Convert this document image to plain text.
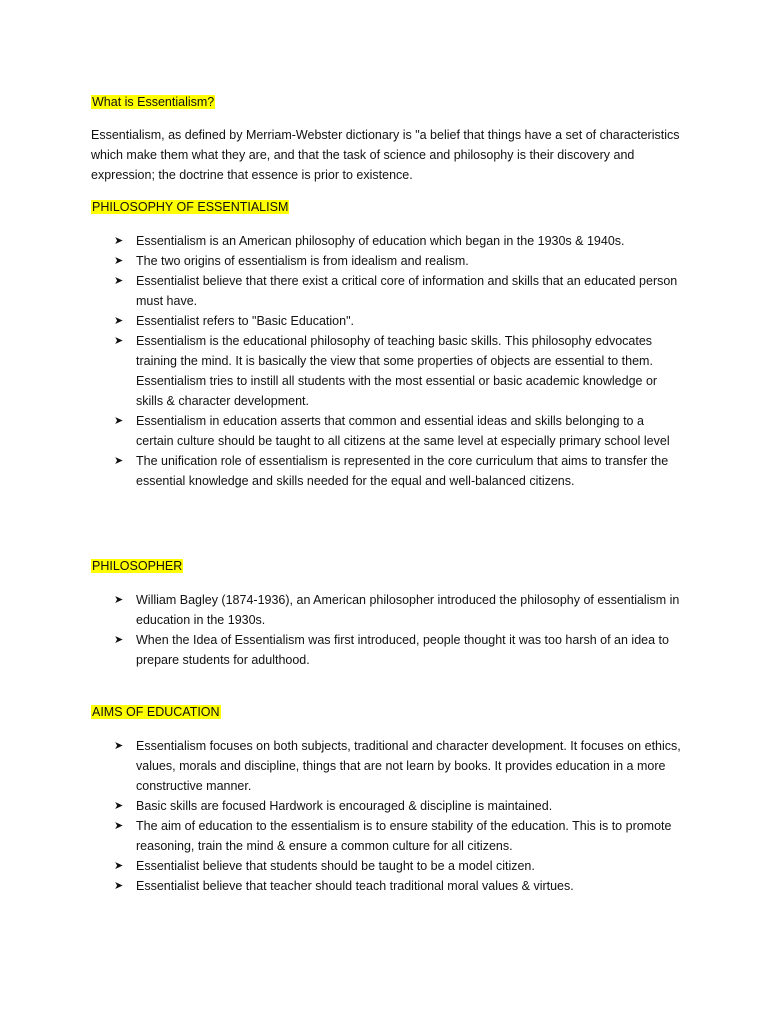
What is Essentialism?

Essentialism, as defined by Merriam-Webster dictionary is "a belief that things have a set of characteristics which make them what they are, and that the task of science and philosophy is their discovery and expression; the doctrine that essence is prior to existence.

PHILOSOPHY OF ESSENTIALISM
➤ Essentialism is an American philosophy of education which began in the 1930s & 1940s.
➤ The two origins of essentialism is from idealism and realism.
➤ Essentialist believe that there exist a critical core of information and skills that an educated person must have.
➤ Essentialist refers to "Basic Education".
➤ Essentialism is the educational philosophy of teaching basic skills. This philosophy edvocates training the mind. It is basically the view that some properties of objects are essential to them. Essentialism tries to instill all students with the most essential or basic academic knowledge or skills & character development.
➤ Essentialism in education asserts that common and essential ideas and skills belonging to a certain culture should be taught to all citizens at the same level at especially primary school level
➤ The unification role of essentialism is represented in the core curriculum that aims to transfer the essential knowledge and skills needed for the equal and well-balanced citizens.
PHILOSOPHER
➤ William Bagley (1874-1936), an American philosopher introduced the philosophy of essentialism in education in the 1930s.
➤ When the Idea of Essentialism was first introduced, people thought it was too harsh of an idea to prepare students for adulthood.
AIMS OF EDUCATION
➤ Essentialism focuses on both subjects, traditional and character development. It focuses on ethics, values, morals and discipline, things that are not learn by books. It provides education in a more constructive manner.
➤ Basic skills are focused Hardwork is encouraged & discipline is maintained.
➤ The aim of education to the essentialism is to ensure stability of the education. This is to promote reasoning, train the mind & ensure a common culture for all citizens.
➤ Essentialist believe that students should be taught to be a model citizen.
➤ Essentialist believe that teacher should teach traditional moral values & virtues.
